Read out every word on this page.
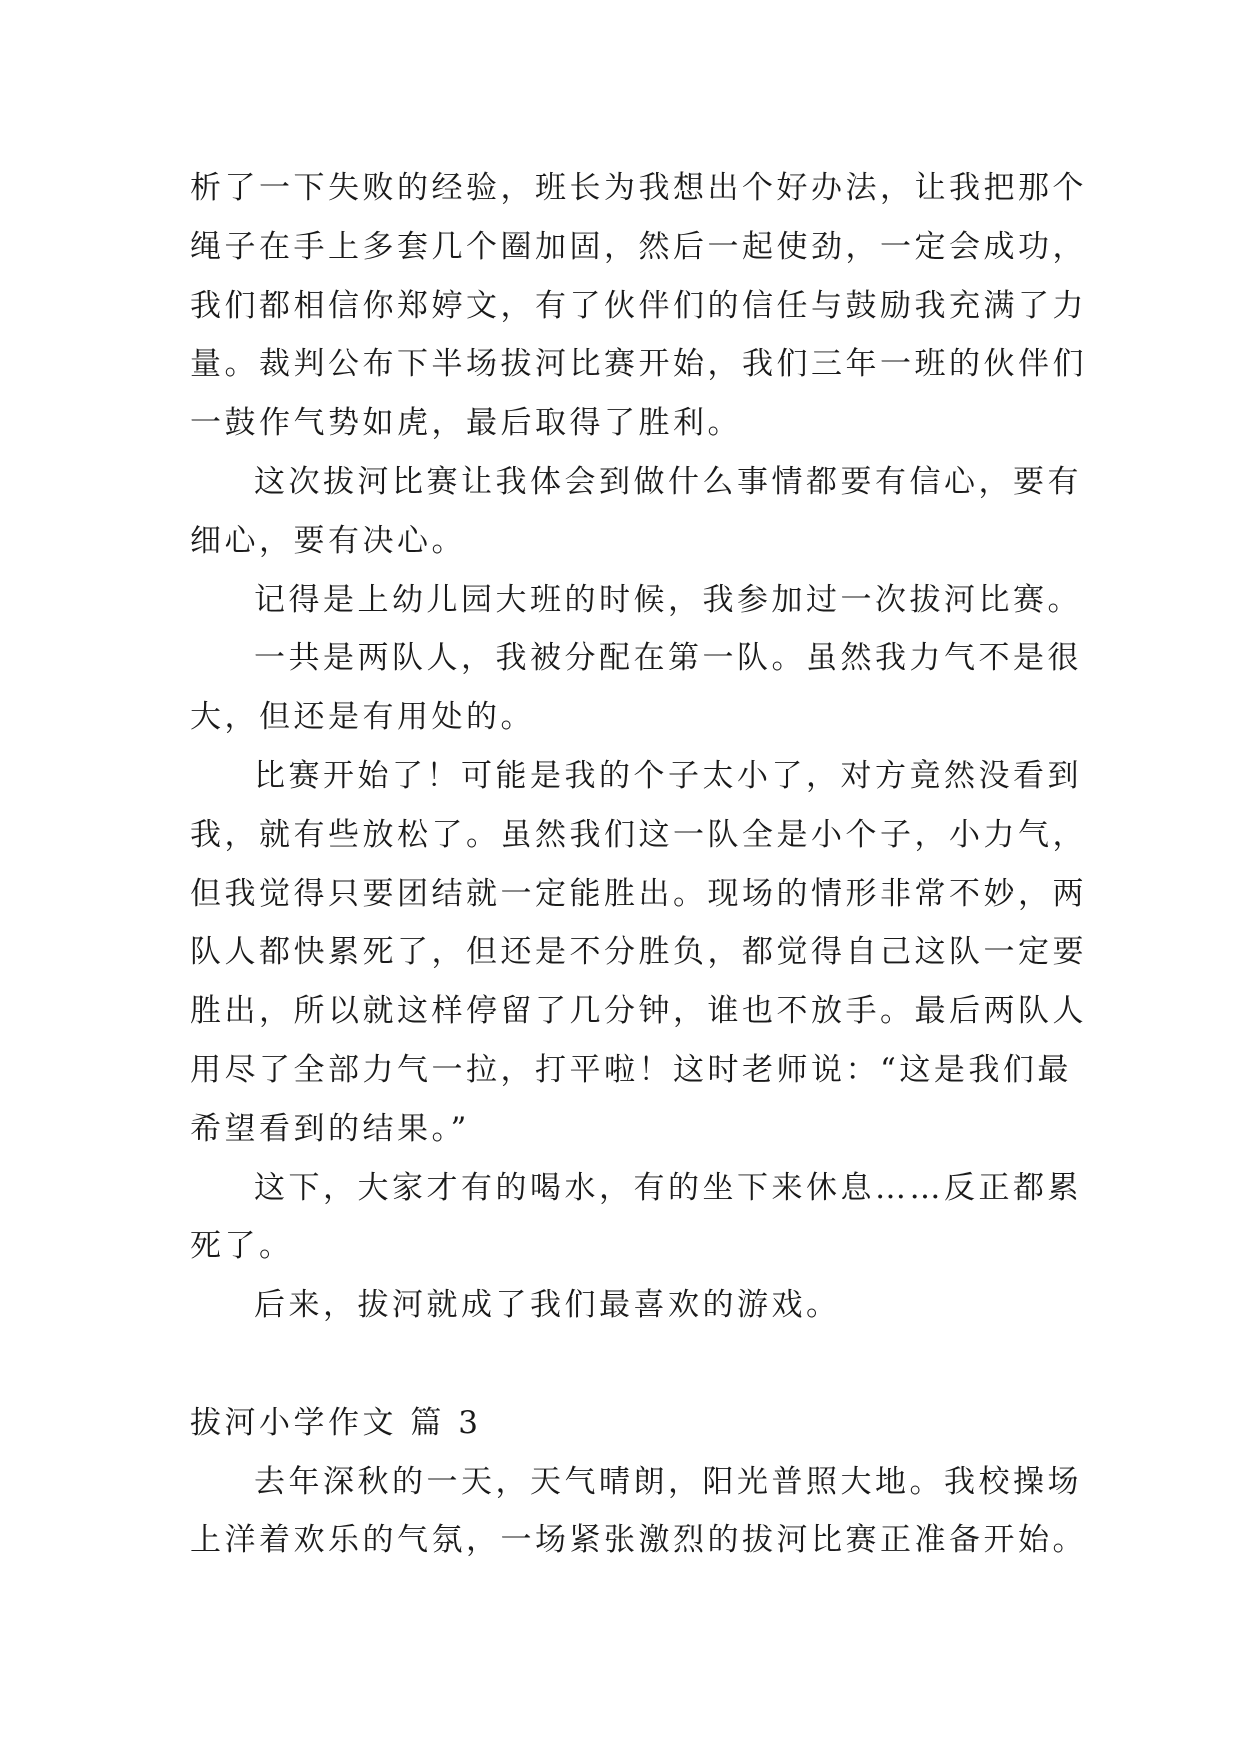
析了一下失败的经验，班长为我想出个好办法，让我把那个
绳子在手上多套几个圈加固，然后一起使劲，一定会成功，
我们都相信你郑婷文，有了伙伴们的信任与鼓励我充满了力
量。裁判公布下半场拔河比赛开始，我们三年一班的伙伴们
一鼓作气势如虎，最后取得了胜利。
这次拔河比赛让我体会到做什么事情都要有信心，要有
细心，要有决心。
记得是上幼儿园大班的时候，我参加过一次拔河比赛。
一共是两队人，我被分配在第一队。虽然我力气不是很
大，但还是有用处的。
比赛开始了！可能是我的个子太小了，对方竟然没看到
我，就有些放松了。虽然我们这一队全是小个子，小力气，
但我觉得只要团结就一定能胜出。现场的情形非常不妙，两
队人都快累死了，但还是不分胜负，都觉得自己这队一定要
胜出，所以就这样停留了几分钟，谁也不放手。最后两队人
用尽了全部力气一拉，打平啦！这时老师说：“这是我们最
希望看到的结果。”
这下，大家才有的喝水，有的坐下来休息……反正都累
死了。
后来，拔河就成了我们最喜欢的游戏。
拔河小学作文 篇 3
去年深秋的一天，天气晴朗，阳光普照大地。我校操场
上洋着欢乐的气氛，一场紧张激烈的拔河比赛正准备开始。
